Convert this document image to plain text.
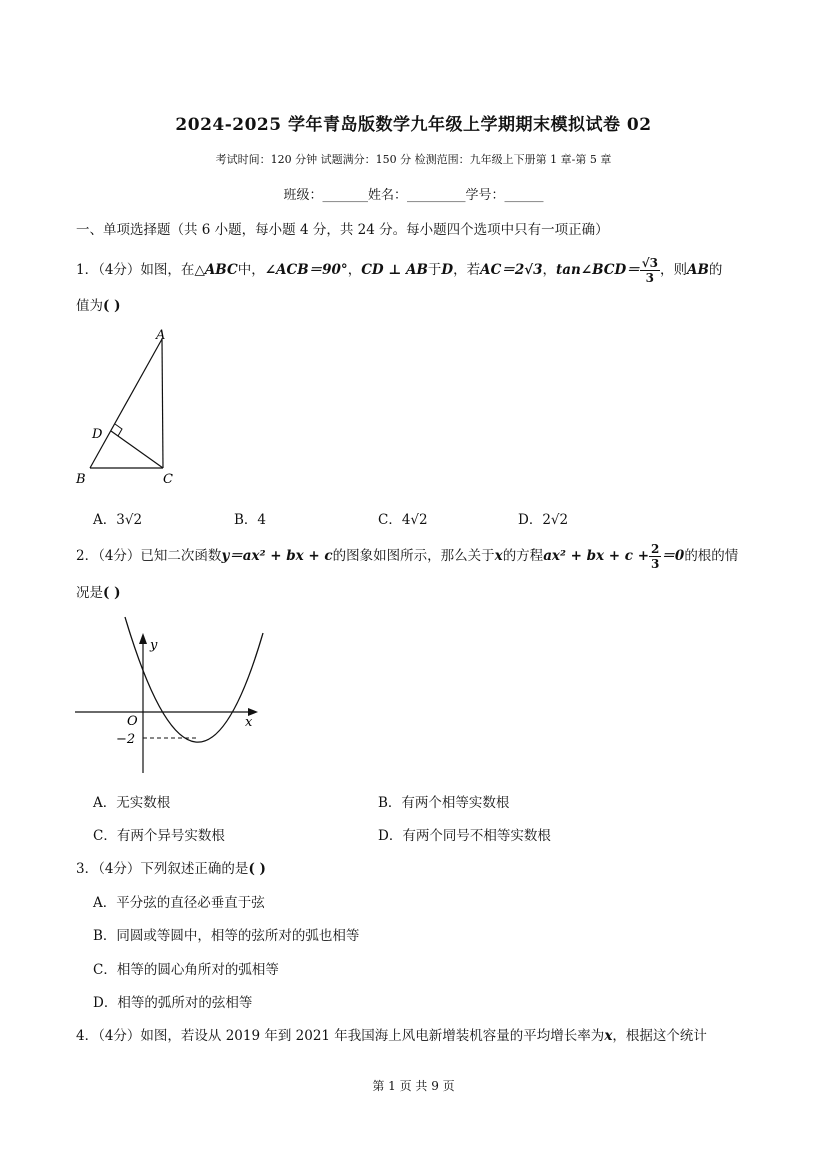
2024-2025 学年青岛版数学九年级上学期期末模拟试卷 02
考试时间：120 分钟 试题满分：150 分 检测范围：九年级上下册第 1 章-第 5 章
班级：_______姓名：_________学号：______
一、单项选择题（共 6 小题，每小题 4 分，共 24 分。每小题四个选项中只有一项正确）
1．（4分）如图，在△ABC中，∠ACB＝90°，CD ⊥ AB于D，若AC＝2√3，tan∠BCD＝ $\frac{√3}{3}$ ，则AB的
值为( )
A
D
B	C
A．3√2	B．4	C．4√2	D．2√2
2．（4分）已知二次函数y＝ax² + bx + c的图象如图所示，那么关于x的方程ax² + bx + $c + \frac{2}{3} =0$的根的情
况是( )
y
O	x
−2
A．无实数根	B．有两个相等实数根
C．有两个异号实数根	D．有两个同号不相等实数根
3．（4分）下列叙述正确的是( )
A．平分弦的直径必垂直于弦
B．同圆或等圆中，相等的弦所对的弧也相等
C．相等的圆心角所对的弧相等
D．相等的弧所对的弦相等
4．（4分）如图，若设从 2019 年到 2021 年我国海上风电新增装机容量的平均增长率为x，根据这个统计
第 1 页 共 9 页
